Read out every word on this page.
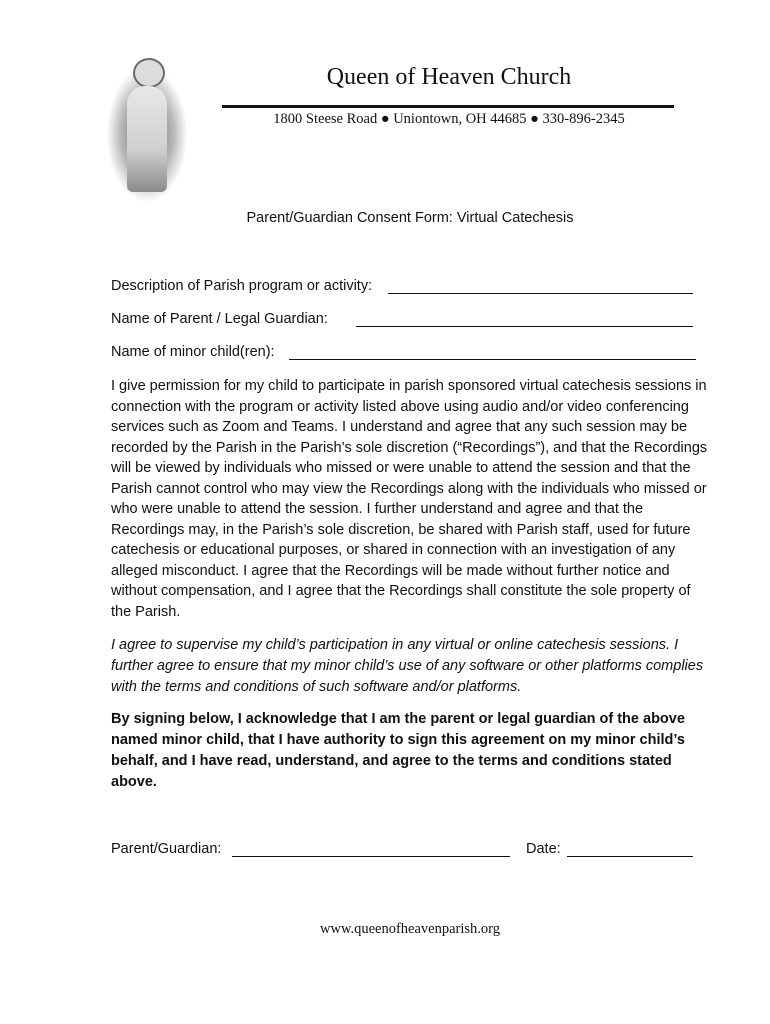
Queen of Heaven Church
1800 Steese Road ● Uniontown, OH 44685 ● 330-896-2345
Parent/Guardian Consent Form: Virtual Catechesis
Description of Parish program or activity:
Name of Parent / Legal Guardian:
Name of minor child(ren):
I give permission for my child to participate in parish sponsored virtual catechesis sessions in connection with the program or activity listed above using audio and/or video conferencing services such as Zoom and Teams. I understand and agree that any such session may be recorded by the Parish in the Parish’s sole discretion (“Recordings”), and that the Recordings will be viewed by individuals who missed or were unable to attend the session and that the Parish cannot control who may view the Recordings along with the individuals who missed or who were unable to attend the session. I further understand and agree and that the Recordings may, in the Parish’s sole discretion, be shared with Parish staff, used for future catechesis or educational purposes, or shared in connection with an investigation of any alleged misconduct. I agree that the Recordings will be made without further notice and without compensation, and I agree that the Recordings shall constitute the sole property of the Parish.
I agree to supervise my child’s participation in any virtual or online catechesis sessions. I further agree to ensure that my minor child’s use of any software or other platforms complies with the terms and conditions of such software and/or platforms.
By signing below, I acknowledge that I am the parent or legal guardian of the above named minor child, that I have authority to sign this agreement on my minor child’s behalf, and I have read, understand, and agree to the terms and conditions stated above.
Parent/Guardian:	Date:
www.queenofheavenparish.org
